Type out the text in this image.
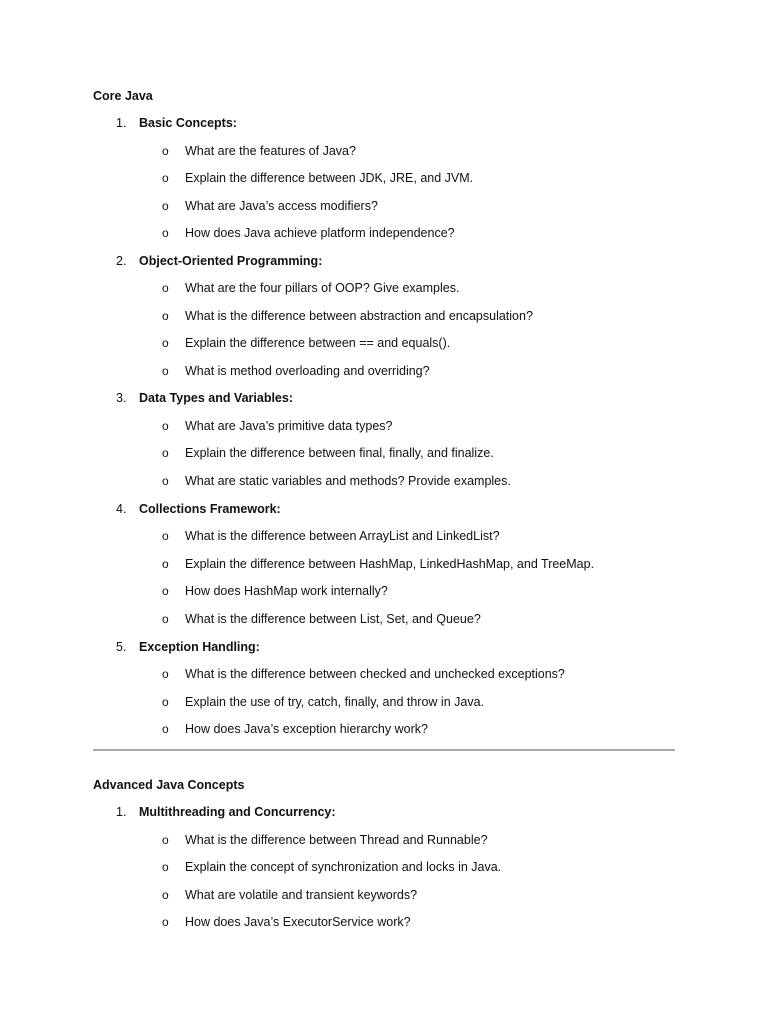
Core Java
1. Basic Concepts:
o What are the features of Java?
o Explain the difference between JDK, JRE, and JVM.
o What are Java’s access modifiers?
o How does Java achieve platform independence?
2. Object-Oriented Programming:
o What are the four pillars of OOP? Give examples.
o What is the difference between abstraction and encapsulation?
o Explain the difference between == and equals().
o What is method overloading and overriding?
3. Data Types and Variables:
o What are Java’s primitive data types?
o Explain the difference between final, finally, and finalize.
o What are static variables and methods? Provide examples.
4. Collections Framework:
o What is the difference between ArrayList and LinkedList?
o Explain the difference between HashMap, LinkedHashMap, and TreeMap.
o How does HashMap work internally?
o What is the difference between List, Set, and Queue?
5. Exception Handling:
o What is the difference between checked and unchecked exceptions?
o Explain the use of try, catch, finally, and throw in Java.
o How does Java’s exception hierarchy work?
Advanced Java Concepts
1. Multithreading and Concurrency:
o What is the difference between Thread and Runnable?
o Explain the concept of synchronization and locks in Java.
o What are volatile and transient keywords?
o How does Java’s ExecutorService work?
